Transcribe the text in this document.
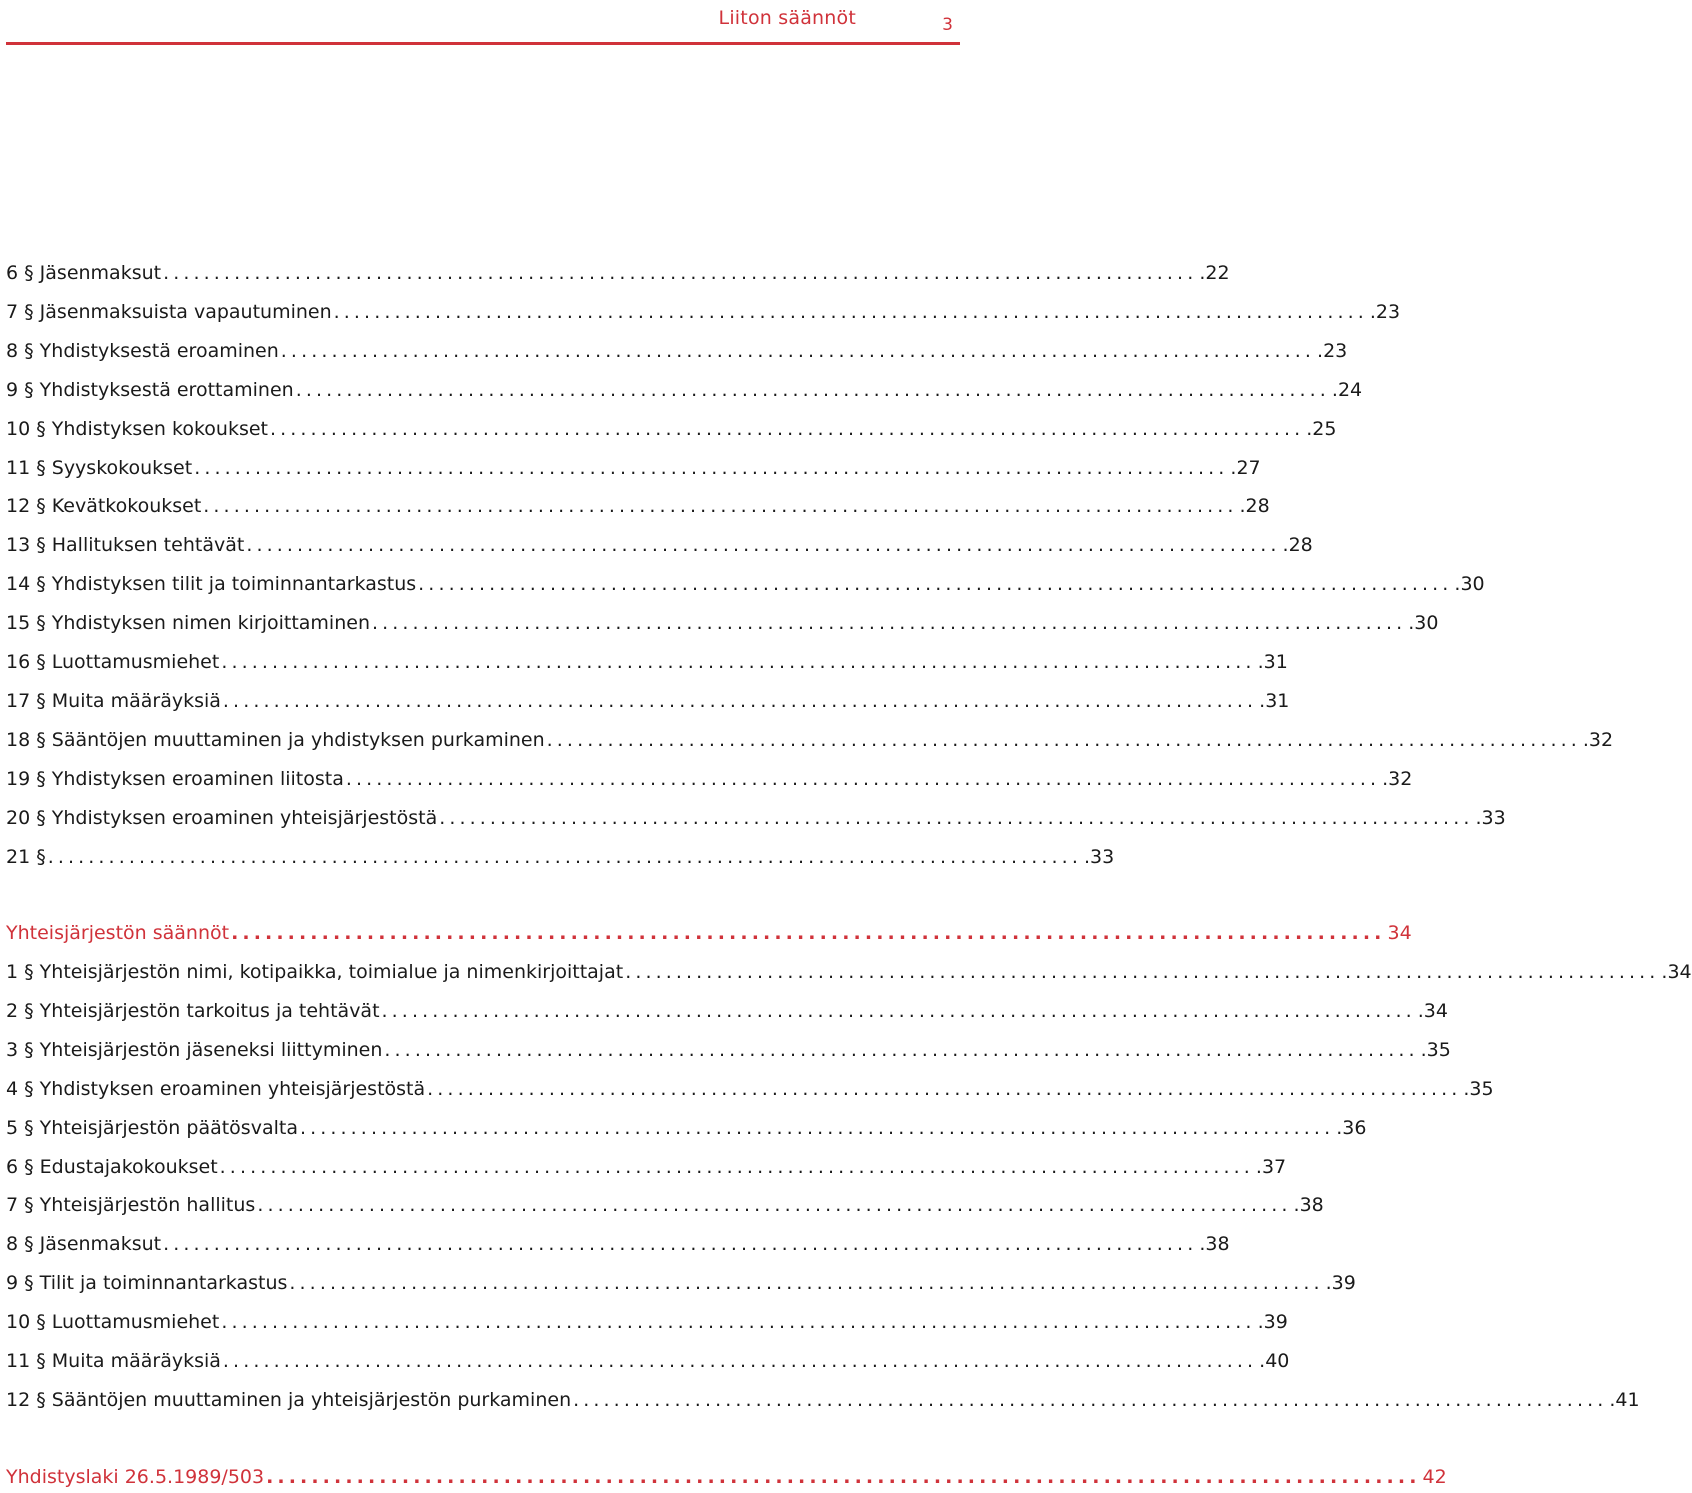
Liiton säännöt	3
6 § Jäsenmaksut ...................................................................................................... .22
7 § Jäsenmaksuista vapautuminen ...................................................................................................... .23
8 § Yhdistyksestä eroaminen ...................................................................................................... .23
9 § Yhdistyksestä erottaminen ...................................................................................................... .24
10 § Yhdistyksen kokoukset ...................................................................................................... .25
11 § Syyskokoukset ...................................................................................................... .27
12 § Kevätkokoukset ...................................................................................................... .28
13 § Hallituksen tehtävät ...................................................................................................... .28
14 § Yhdistyksen tilit ja toiminnantarkastus ...................................................................................................... .30
15 § Yhdistyksen nimen kirjoittaminen ...................................................................................................... .30
16 § Luottamusmiehet ...................................................................................................... .31
17 § Muita määräyksiä ...................................................................................................... .31
18 § Sääntöjen muuttaminen ja yhdistyksen purkaminen ...................................................................................................... .32
19 § Yhdistyksen eroaminen liitosta ...................................................................................................... .32
20 § Yhdistyksen eroaminen yhteisjärjestöstä ...................................................................................................... .33
21 § ...................................................................................................... .33
Yhteisjärjestön säännöt ...................................................................................................... 34
1 § Yhteisjärjestön nimi, kotipaikka, toimialue ja nimenkirjoittajat ...................................................................................................... .34
2 § Yhteisjärjestön tarkoitus ja tehtävät ...................................................................................................... .34
3 § Yhteisjärjestön jäseneksi liittyminen ...................................................................................................... .35
4 § Yhdistyksen eroaminen yhteisjärjestöstä ...................................................................................................... .35
5 § Yhteisjärjestön päätösvalta ...................................................................................................... .36
6 § Edustajakokoukset ...................................................................................................... .37
7 § Yhteisjärjestön hallitus ...................................................................................................... .38
8 § Jäsenmaksut ...................................................................................................... .38
9 § Tilit ja toiminnantarkastus ...................................................................................................... .39
10 § Luottamusmiehet ...................................................................................................... .39
11 § Muita määräyksiä ...................................................................................................... .40
12 § Sääntöjen muuttaminen ja yhteisjärjestön purkaminen ...................................................................................................... .41
Yhdistyslaki 26.5.1989/503 ...................................................................................................... 42
